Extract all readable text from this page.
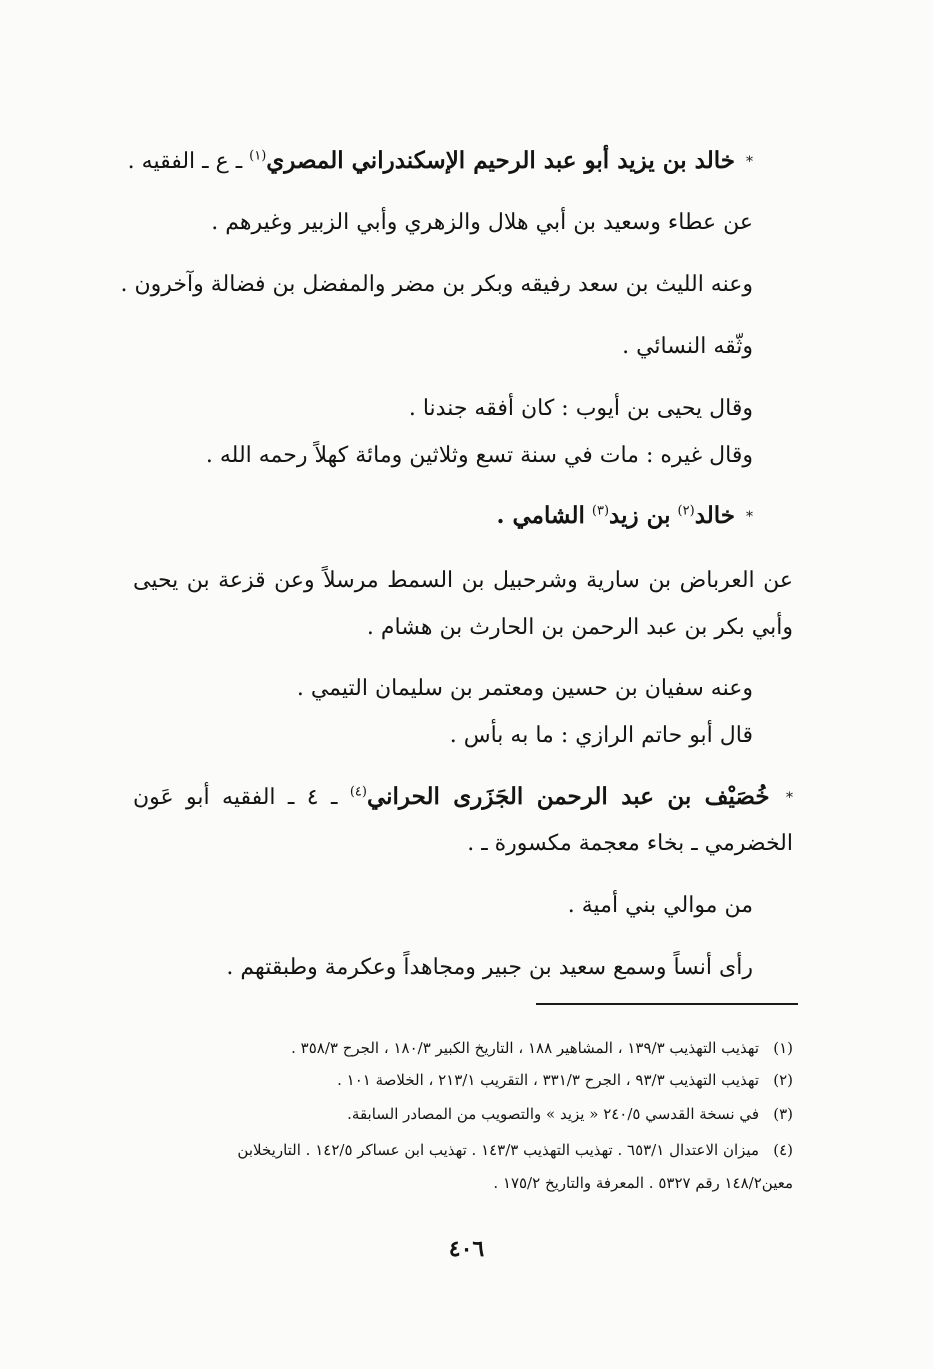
* خالد بن يزيد أبو عبد الرحيم الإسكندراني المصري$^{(١)}$ ـ ع ـ الفقيه .
عن عطاء وسعيد بن أبي هلال والزهري وأبي الزبير وغيرهم .
وعنه الليث بن سعد رفيقه وبكر بن مضر والمفضل بن فضالة وآخرون .
وثّقه النسائي .
وقال يحيى بن أيوب : كان أفقه جندنا .
وقال غيره : مات في سنة تسع وثلاثين ومائة كهلاً رحمه الله .
* خالد$^{(٢)}$ بن زيد$^{(٣)}$ الشامي .
عن العرباض بن سارية وشرحبيل بن السمط مرسلاً وعن قزعة بن يحيى
وأبي بكر بن عبد الرحمن بن الحارث بن هشام .
وعنه سفيان بن حسين ومعتمر بن سليمان التيمي .
قال أبو حاتم الرازي : ما به بأس .
* خُصَيْف بن عبد الرحمن الجَزَرى الحراني$^{(٤)}$ ـ ٤ ـ الفقيه أبو عَون
الخضرمي ـ بخاء معجمة مكسورة ـ .
من موالي بني أمية .
رأى أنساً وسمع سعيد بن جبير ومجاهداً وعكرمة وطبقتهم .
(١)تهذيب التهذيب ١٣٩/٣ ، المشاهير ١٨٨ ، التاريخ الكبير ١٨٠/٣ ، الجرح ٣٥٨/٣ .
(٢)تهذيب التهذيب ٩٣/٣ ، الجرح ٣٣١/٣ ، التقريب ٢١٣/١ ، الخلاصة ١٠١ .
(٣)في نسخة القدسي ٢٤٠/٥ « يزيد » والتصويب من المصادر السابقة.
(٤)ميزان الاعتدال ٦٥٣/١ . تهذيب التهذيب ١٤٣/٣ . تهذيب ابن عساكر ١٤٢/٥ . التاريخلابن
معين١٤٨/٢ رقم ٥٣٢٧ . المعرفة والتاريخ ١٧٥/٢ .
٤٠٦
